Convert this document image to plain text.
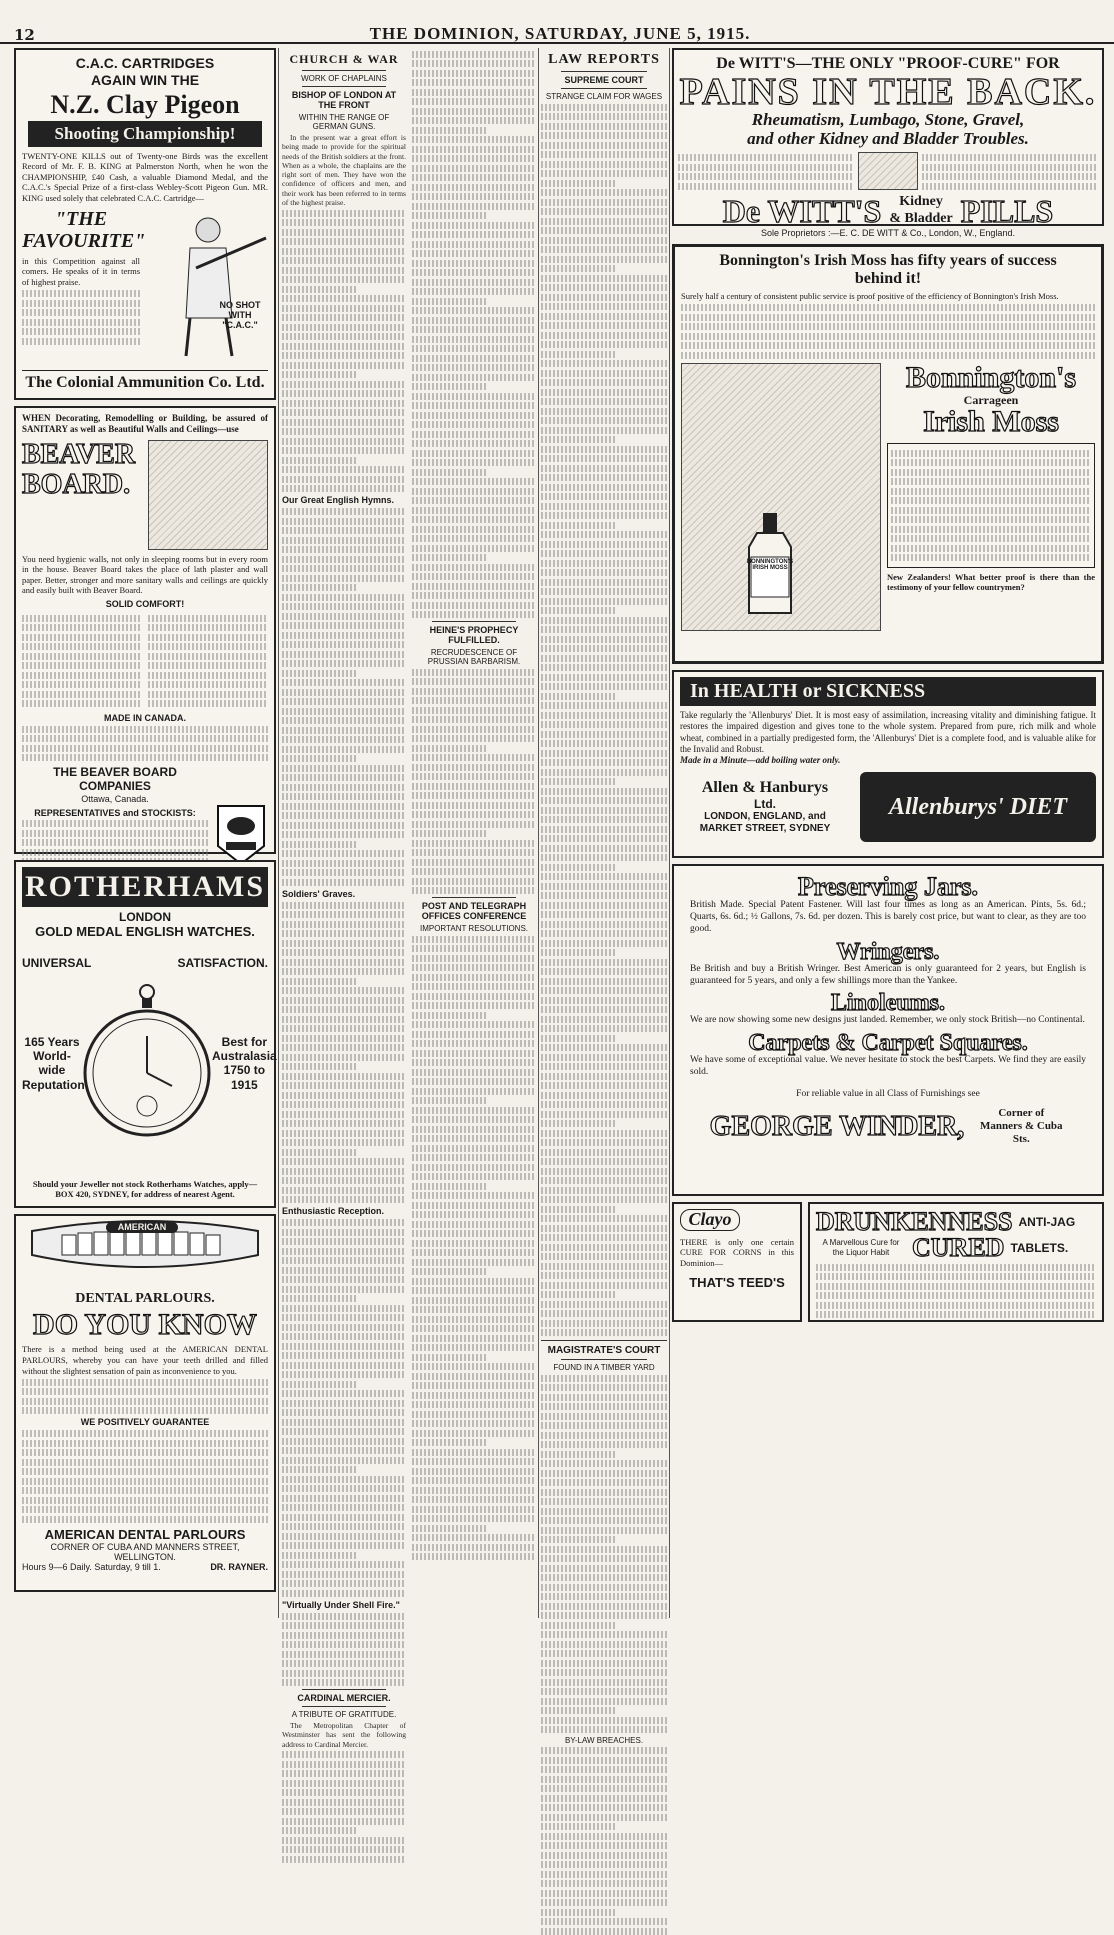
12	THE DOMINION, SATURDAY, JUNE 5, 1915.
C.A.C. CARTRIDGES
AGAIN WIN THE
N.Z. Clay Pigeon
Shooting Championship!
TWENTY-ONE KILLS out of Twenty-one Birds was the excellent Record of Mr. F. B. KING at Palmerston North, when he won the CHAMPIONSHIP, £40 Cash, a valuable Diamond Medal, and the C.A.C.'s Special Prize of a first-class Webley-Scott Pigeon Gun. MR. KING used solely that celebrated C.A.C. Cartridge—
"THE FAVOURITE"
in this Competition against all comers. He speaks of it in terms of highest praise.
NO SHOT WITH "C.A.C."
The Colonial Ammunition Co. Ltd.
WHEN Decorating, Remodelling or Building, be assured of SANITARY as well as Beautiful Walls and Ceilings—use
BEAVER BOARD.
You need hygienic walls, not only in sleeping rooms but in every room in the house. Beaver Board takes the place of lath plaster and wall paper. Better, stronger and more sanitary walls and ceilings are quickly and easily built with Beaver Board.
SOLID COMFORT!
MADE IN CANADA.
THE BEAVER BOARD COMPANIES
Ottawa, Canada.
REPRESENTATIVES and STOCKISTS:
ROTHERHAMS
LONDON
GOLD MEDAL ENGLISH WATCHES.
UNIVERSAL	SATISFACTION.
165 Years World-wide Reputation
Best for Australasia 1750 to 1915
Should your Jeweller not stock Rotherhams Watches, apply—BOX 420, SYDNEY, for address of nearest Agent.
AMERICAN
DENTAL PARLOURS.
DO YOU KNOW
There is a method being used at the AMERICAN DENTAL PARLOURS, whereby you can have your teeth drilled and filled without the slightest sensation of pain as inconvenience to you.
WE POSITIVELY GUARANTEE
AMERICAN DENTAL PARLOURS
CORNER OF CUBA AND MANNERS STREET, WELLINGTON.
Hours 9—6 Daily. Saturday, 9 till 1.	DR. RAYNER.
CHURCH & WAR
WORK OF CHAPLAINS
BISHOP OF LONDON AT THE FRONT
WITHIN THE RANGE OF GERMAN GUNS.
In the present war a great effort is being made to provide for the spiritual needs of the British soldiers at the front. When as a whole, the chaplains are the right sort of men. They have won the confidence of officers and men, and their work has been referred to in terms of the highest praise.
Our Great English Hymns.
Soldiers' Graves.
Enthusiastic Reception.
"Virtually Under Shell Fire."
CARDINAL MERCIER.
A TRIBUTE OF GRATITUDE.
The Metropolitan Chapter of Westminster has sent the following address to Cardinal Mercier.
HEINE'S PROPHECY FULFILLED.
RECRUDESCENCE OF PRUSSIAN BARBARISM.
POST AND TELEGRAPH OFFICES CONFERENCE
IMPORTANT RESOLUTIONS.
LAW REPORTS
SUPREME COURT
STRANGE CLAIM FOR WAGES
MAGISTRATE'S COURT
FOUND IN A TIMBER YARD
BY-LAW BREACHES.
De WITT'S—THE ONLY "PROOF-CURE" FOR
PAINS IN THE BACK.
Rheumatism, Lumbago, Stone, Gravel,
and other Kidney and Bladder Troubles.
De WITT'S	Kidney
& Bladder PILLS
Sole Proprietors :—E. C. DE WITT & Co., London, W., England.
Bonnington's Irish Moss has fifty years of success behind it!
Surely half a century of consistent public service is proof positive of the efficiency of Bonnington's Irish Moss.
BONNINGTON'S IRISH MOSS
Bonnington's
Carrageen
Irish Moss
New Zealanders! What better proof is there than the testimony of your fellow countrymen?
In HEALTH or SICKNESS
Take regularly the 'Allenburys' Diet. It is most easy of assimilation, increasing vitality and diminishing fatigue. It restores the impaired digestion and gives tone to the whole system. Prepared from pure, rich milk and whole wheat, combined in a partially predigested form, the 'Allenburys' Diet is a complete food, and is valuable alike for the Invalid and Robust.
Made in a Minute—add boiling water only.
Allen & Hanburys
Ltd.
LONDON, ENGLAND, and
MARKET STREET, SYDNEY
Allenburys' DIET
Preserving Jars.
British Made. Special Patent Fastener. Will last four times as long as an American. Pints, 5s. 6d.; Quarts, 6s. 6d.; ½ Gallons, 7s. 6d. per dozen. This is barely cost price, but want to clear, as they are too good.
Wringers.
Be British and buy a British Wringer. Best American is only guaranteed for 2 years, but English is guaranteed for 5 years, and only a few shillings more than the Yankee.
Linoleums.
We are now showing some new designs just landed. Remember, we only stock British—no Continental.
Carpets & Carpet Squares.
We have some of exceptional value. We never hesitate to stock the best Carpets. We find they are easily sold.
For reliable value in all Class of Furnishings see
GEORGE WINDER,	Corner of Manners & Cuba Sts.
Clayo
THERE is only one certain CURE FOR CORNS in this Dominion—
THAT'S TEED'S
DRUNKENNESS ANTI-JAG
A Marvellous Cure for the Liquor Habit CURED TABLETS.
